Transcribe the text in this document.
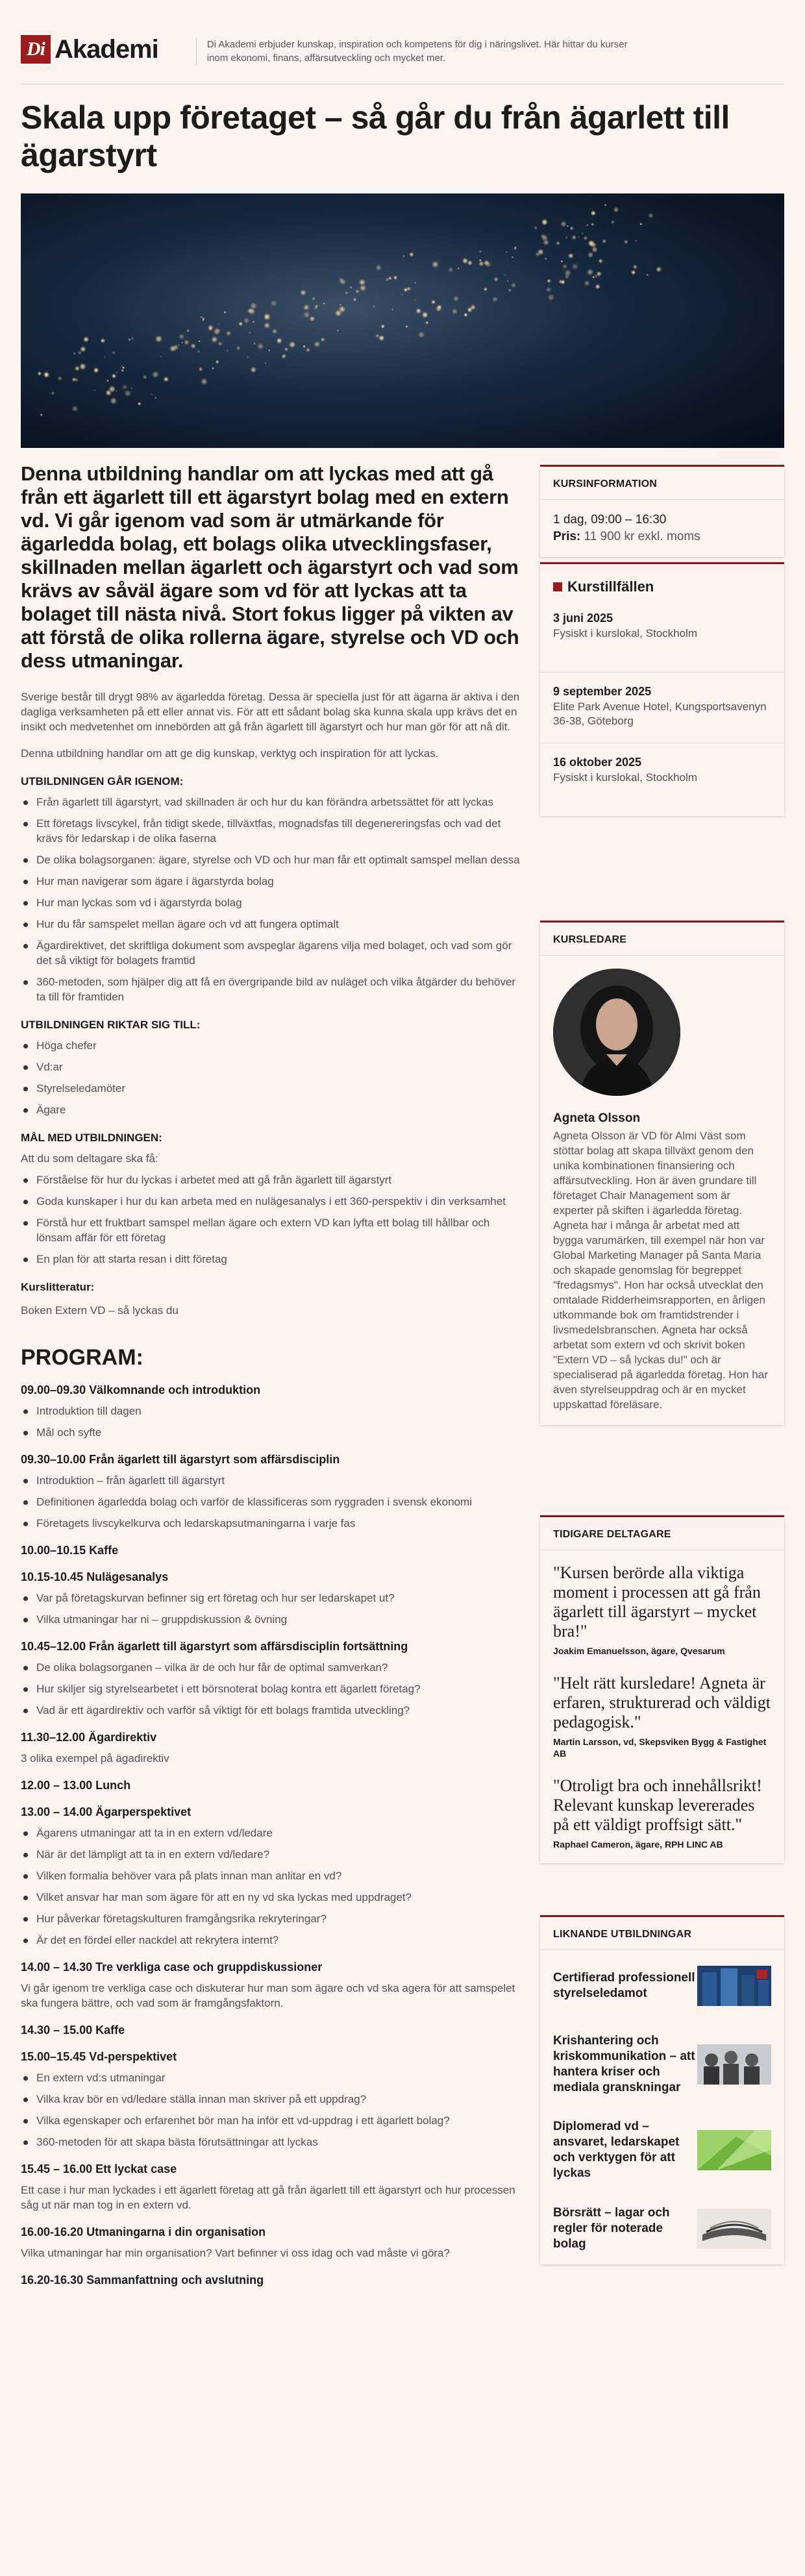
Di Akademi	Di Akademi erbjuder kunskap, inspiration och kompetens för dig i näringslivet. Här hittar du kurser inom ekonomi, finans, affärsutveckling och mycket mer.
Skala upp företaget – så går du från ägarlett till ägarstyrt

Denna utbildning handlar om att lyckas med att gå från ett ägarlett till ett ägarstyrt bolag med en extern vd. Vi går igenom vad som är utmärkande för ägarledda bolag, ett bolags olika utvecklingsfaser, skillnaden mellan ägarlett och ägarstyrt och vad som krävs av såväl ägare som vd för att lyckas att ta bolaget till nästa nivå. Stort fokus ligger på vikten av att förstå de olika rollerna ägare, styrelse och VD och dess utmaningar.

Sverige består till drygt 98% av ägarledda företag. Dessa är speciella just för att ägarna är aktiva i den dagliga verksamheten på ett eller annat vis. För att ett sådant bolag ska kunna skala upp krävs det en insikt och medvetenhet om innebörden att gå från ägarlett till ägarstyrt och hur man gör för att nå dit.

Denna utbildning handlar om att ge dig kunskap, verktyg och inspiration för att lyckas.

UTBILDNINGEN GÅR IGENOM:
Från ägarlett till ägarstyrt, vad skillnaden är och hur du kan förändra arbetssättet för att lyckas
Ett företags livscykel, från tidigt skede, tillväxtfas, mognadsfas till degenereringsfas och vad det krävs för ledarskap i de olika faserna
De olika bolagsorganen: ägare, styrelse och VD och hur man får ett optimalt samspel mellan dessa
Hur man navigerar som ägare i ägarstyrda bolag
Hur man lyckas som vd i ägarstyrda bolag
Hur du får samspelet mellan ägare och vd att fungera optimalt
Ägardirektivet, det skriftliga dokument som avspeglar ägarens vilja med bolaget, och vad som gör det så viktigt för bolagets framtid
360-metoden, som hjälper dig att få en övergripande bild av nuläget och vilka åtgärder du behöver ta till för framtiden
UTBILDNINGEN RIKTAR SIG TILL:
Höga chefer
Vd:ar
Styrelseledamöter
Ägare
MÅL MED UTBILDNINGEN:

Att du som deltagare ska få:

Förståelse för hur du lyckas i arbetet med att gå från ägarlett till ägarstyrt
Goda kunskaper i hur du kan arbeta med en nulägesanalys i ett 360-perspektiv i din verksamhet
Förstå hur ett fruktbart samspel mellan ägare och extern VD kan lyfta ett bolag till hållbar och lönsam affär för ett företag
En plan för att starta resan i ditt företag
Kurslitteratur:

Boken Extern VD – så lyckas du

PROGRAM:
09.00–09.30 Välkomnande och introduktion
Introduktion till dagen
Mål och syfte
09.30–10.00 Från ägarlett till ägarstyrt som affärsdisciplin
Introduktion – från ägarlett till ägarstyrt
Definitionen ägarledda bolag och varför de klassificeras som ryggraden i svensk ekonomi
Företagets livscykelkurva och ledarskapsutmaningarna i varje fas
10.00–10.15 Kaffe
10.15-10.45 Nulägesanalys
Var på företagskurvan befinner sig ert företag och hur ser ledarskapet ut?
Vilka utmaningar har ni – gruppdiskussion & övning
10.45–12.00 Från ägarlett till ägarstyrt som affärsdisciplin fortsättning
De olika bolagsorganen – vilka är de och hur får de optimal samverkan?
Hur skiljer sig styrelsearbetet i ett börsnoterat bolag kontra ett ägarlett företag?
Vad är ett ägardirektiv och varför så viktigt för ett bolags framtida utveckling?
11.30–12.00 Ägardirektiv

3 olika exempel på ägadirektiv

12.00 – 13.00 Lunch
13.00 – 14.00 Ägarperspektivet
Ägarens utmaningar att ta in en extern vd/ledare
När är det lämpligt att ta in en extern vd/ledare?
Vilken formalia behöver vara på plats innan man anlitar en vd?
Vilket ansvar har man som ägare för att en ny vd ska lyckas med uppdraget?
Hur påverkar företagskulturen framgångsrika rekryteringar?
Är det en fördel eller nackdel att rekrytera internt?
14.00 – 14.30 Tre verkliga case och gruppdiskussioner

Vi går igenom tre verkliga case och diskuterar hur man som ägare och vd ska agera för att samspelet ska fungera bättre, och vad som är framgångsfaktorn.

14.30 – 15.00 Kaffe
15.00–15.45 Vd-perspektivet
En extern vd:s utmaningar
Vilka krav bör en vd/ledare ställa innan man skriver på ett uppdrag?
Vilka egenskaper och erfarenhet bör man ha inför ett vd-uppdrag i ett ägarlett bolag?
360-metoden för att skapa bästa förutsättningar att lyckas
15.45 – 16.00 Ett lyckat case

Ett case i hur man lyckades i ett ägarlett företag att gå från ägarlett till ett ägarstyrt och hur processen såg ut när man tog in en extern vd.

16.00-16.20 Utmaningarna i din organisation

Vilka utmaningar har min organisation? Vart befinner vi oss idag och vad måste vi göra?

16.20-16.30 Sammanfattning och avslutning
KURSINFORMATION
1 dag, 09:00 – 16:30
Pris: 11 900 kr exkl. moms
Kurstillfällen
3 juni 2025
Fysiskt i kurslokal, Stockholm
9 september 2025
Elite Park Avenue Hotel, Kungsportsavenyn 36-38, Göteborg
16 oktober 2025
Fysiskt i kurslokal, Stockholm
KURSLEDARE
Agneta Olsson
Agneta Olsson är VD för Almi Väst som stöttar bolag att skapa tillväxt genom den unika kombinationen finansiering och affärsutveckling. Hon är även grundare till företaget Chair Management som är experter på skiften i ägarledda företag. Agneta har i många år arbetat med att bygga varumärken, till exempel när hon var Global Marketing Manager på Santa Maria och skapade genomslag för begreppet "fredagsmys". Hon har också utvecklat den omtalade Ridderheimsrapporten, en årligen utkommande bok om framtidstrender i livsmedelsbranschen. Agneta har också arbetat som extern vd och skrivit boken "Extern VD – så lyckas du!" och är specialiserad på ägarledda företag. Hon har även styrelseuppdrag och är en mycket uppskattad föreläsare.
TIDIGARE DELTAGARE
"Kursen berörde alla viktiga moment i processen att gå från ägarlett till ägarstyrt – mycket bra!"
Joakim Emanuelsson, ägare, Qvesarum
"Helt rätt kursledare! Agneta är erfaren, strukturerad och väldigt pedagogisk."
Martin Larsson, vd, Skepsviken Bygg & Fastighet AB
"Otroligt bra och innehållsrikt! Relevant kunskap levererades på ett väldigt proffsigt sätt."
Raphael Cameron, ägare, RPH LINC AB
LIKNANDE UTBILDNINGAR
Certifierad professionell styrelseledamot
Krishantering och kriskommunikation – att hantera kriser och mediala granskningar
Diplomerad vd – ansvaret, ledarskapet och verktygen för att lyckas
Börsrätt – lagar och regler för noterade bolag
